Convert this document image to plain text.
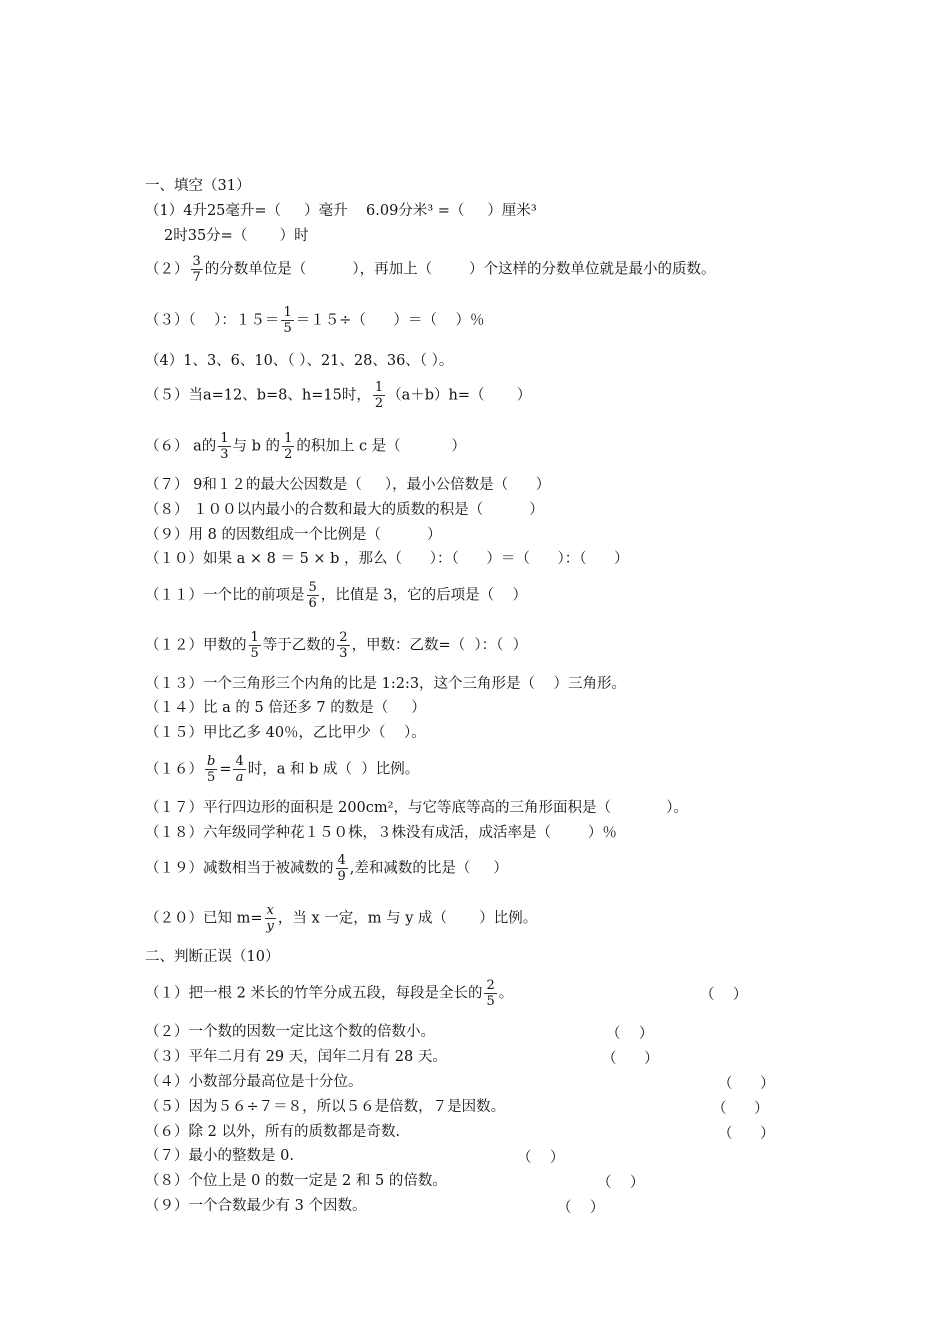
一、填空（31）
（1）4升25毫升=（     ）毫升    6.09分米³ =（     ）厘米³
2时35分=（       ）时
$(2) \frac{3}{7}$ 的分数单位是（          ），再加上（        ）个这样的分数单位就是最小的质数。
（３）（    ）：$15= \frac{1}{5} =15\div$（      ）＝（    ）％
（4）1、3、6、10、（ ）、21、28、36、（ ）。
（５）当a=12、b=8、h=15时， $\frac{1}{2} (a+b)h=$（       ）
（６） a的 $\frac{1}{3}$ 与 b 的 $\frac{1}{2}$ 的积加上 c 是（           ）
（７） 9和１２的最大公因数是（     ），最小公倍数是（      ）
（８） １００以内最小的合数和最大的质数的积是（          ）
（９）用 8 的因数组成一个比例是（          ）
（１０）如果 a × 8 ＝ 5 × b ，那么（      ）：（      ）＝（      ）：（      ）
（１１）一个比的前项是 $\frac{5}{6}$ ，比值是 3，它的后项是（    ）
（１２）甲数的 $\frac{1}{5}$ 等于乙数的 $\frac{2}{3}$ ，甲数：乙数=（  ）：（  ）
（１３）一个三角形三个内角的比是 1:2:3，这个三角形是（    ）三角形。
（１４）比 a 的 5 倍还多 7 的数是（     ）
（１５）甲比乙多 40％，乙比甲少（    ）。
$(16) \frac{b}{5} = \frac{4}{a}$ 时，a 和 b 成（  ）比例。
（１７）平行四边形的面积是 200cm²，与它等底等高的三角形面积是（            ）。
（１８）六年级同学种花１５０株，３株没有成活，成活率是（        ）％
（１９）减数相当于被减数的 $\frac{4}{9}$ ,差和减数的比是（     ）
（２０）已知 $m= \frac{x}{y}$ ，当 x 一定，m 与 y 成（       ）比例。
二、判断正误（10）
（１）把一根 2 米长的竹竿分成五段，每段是全长的 $\frac{2}{5}$ 。	（    ）
（２）一个数的因数一定比这个数的倍数小。	（    ）
（３）平年二月有 29 天，闰年二月有 28 天。	（      ）
（４）小数部分最高位是十分位。	（      ）
（５）因为５６÷７＝８，所以５６是倍数，７是因数。	（      ）
（６）除 2 以外，所有的质数都是奇数.	（      ）
（７）最小的整数是 0.	（    ）
（８）个位上是 0 的数一定是 2 和 5 的倍数。	（    ）
（９）一个合数最少有 3 个因数。	（    ）
